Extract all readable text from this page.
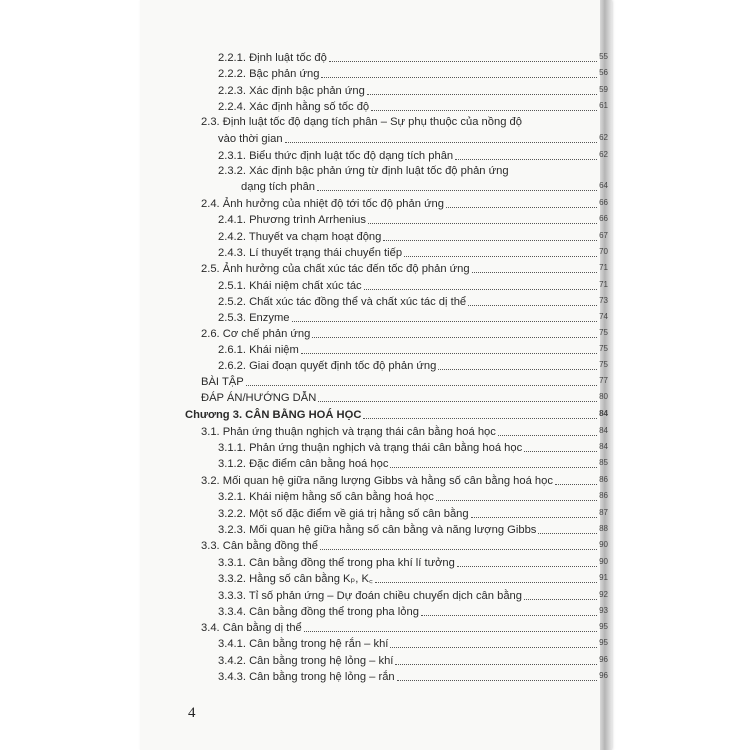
2.2.1. Định luật tốc độ	55
2.2.2. Bậc phản ứng	56
2.2.3. Xác định bậc phản ứng	59
2.2.4. Xác định hằng số tốc độ	61
2.3. Định luật tốc độ dạng tích phân – Sự phụ thuộc của nồng độ
vào thời gian	62
2.3.1. Biểu thức định luật tốc độ dạng tích phân	62
2.3.2. Xác định bậc phản ứng từ định luật tốc độ phản ứng
dạng tích phân	64
2.4. Ảnh hưởng của nhiệt độ tới tốc độ phản ứng	66
2.4.1. Phương trình Arrhenius	66
2.4.2. Thuyết va chạm hoạt động	67
2.4.3. Lí thuyết trạng thái chuyển tiếp	70
2.5. Ảnh hưởng của chất xúc tác đến tốc độ phản ứng	71
2.5.1. Khái niệm chất xúc tác	71
2.5.2. Chất xúc tác đồng thể và chất xúc tác dị thể	73
2.5.3. Enzyme	74
2.6. Cơ chế phản ứng	75
2.6.1. Khái niệm	75
2.6.2. Giai đoạn quyết định tốc độ phản ứng	75
BÀI TẬP	77
ĐÁP ÁN/HƯỚNG DẪN	80
Chương 3. CÂN BẰNG HOÁ HỌC	84
3.1. Phản ứng thuận nghịch và trạng thái cân bằng hoá học	84
3.1.1. Phản ứng thuận nghịch và trạng thái cân bằng hoá học	84
3.1.2. Đặc điểm cân bằng hoá học	85
3.2. Mối quan hệ giữa năng lượng Gibbs và hằng số cân bằng hoá học	86
3.2.1. Khái niệm hằng số cân bằng hoá học	86
3.2.2. Một số đặc điểm về giá trị hằng số cân bằng	87
3.2.3. Mối quan hệ giữa hằng số cân bằng và năng lượng Gibbs	88
3.3. Cân bằng đồng thể	90
3.3.1. Cân bằng đồng thể trong pha khí lí tưởng	90
3.3.2. Hằng số cân bằng Kₚ, K꜀	91
3.3.3. Tỉ số phản ứng – Dự đoán chiều chuyển dịch cân bằng	92
3.3.4. Cân bằng đồng thể trong pha lỏng	93
3.4. Cân bằng dị thể	95
3.4.1. Cân bằng trong hệ rắn – khí	95
3.4.2. Cân bằng trong hệ lỏng – khí	96
3.4.3. Cân bằng trong hệ lỏng – rắn	96
4
